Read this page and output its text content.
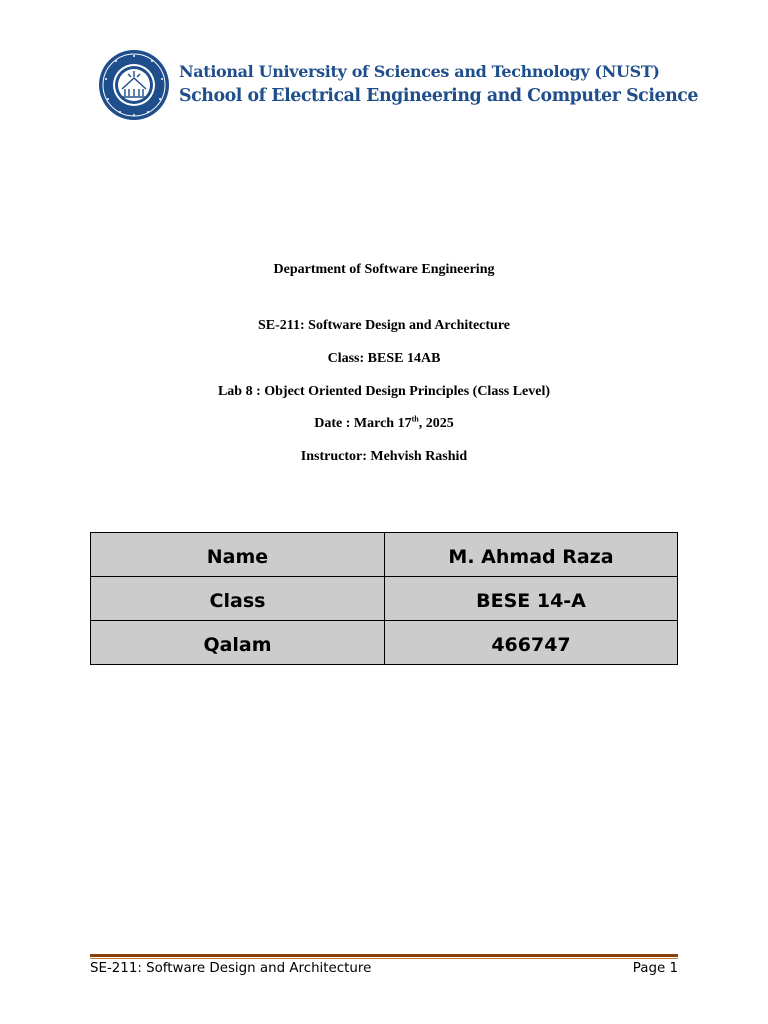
National University of Sciences and Technology (NUST)
School of Electrical Engineering and Computer Science
Department of Software Engineering
SE-211: Software Design and Architecture
Class: BESE 14AB
Lab 8 : Object Oriented Design Principles (Class Level)
Date : March 17th, 2025
Instructor: Mehvish Rashid
Name	M. Ahmad Raza
Class	BESE 14-A
Qalam	466747
SE-211: Software Design and Architecture	Page 1
